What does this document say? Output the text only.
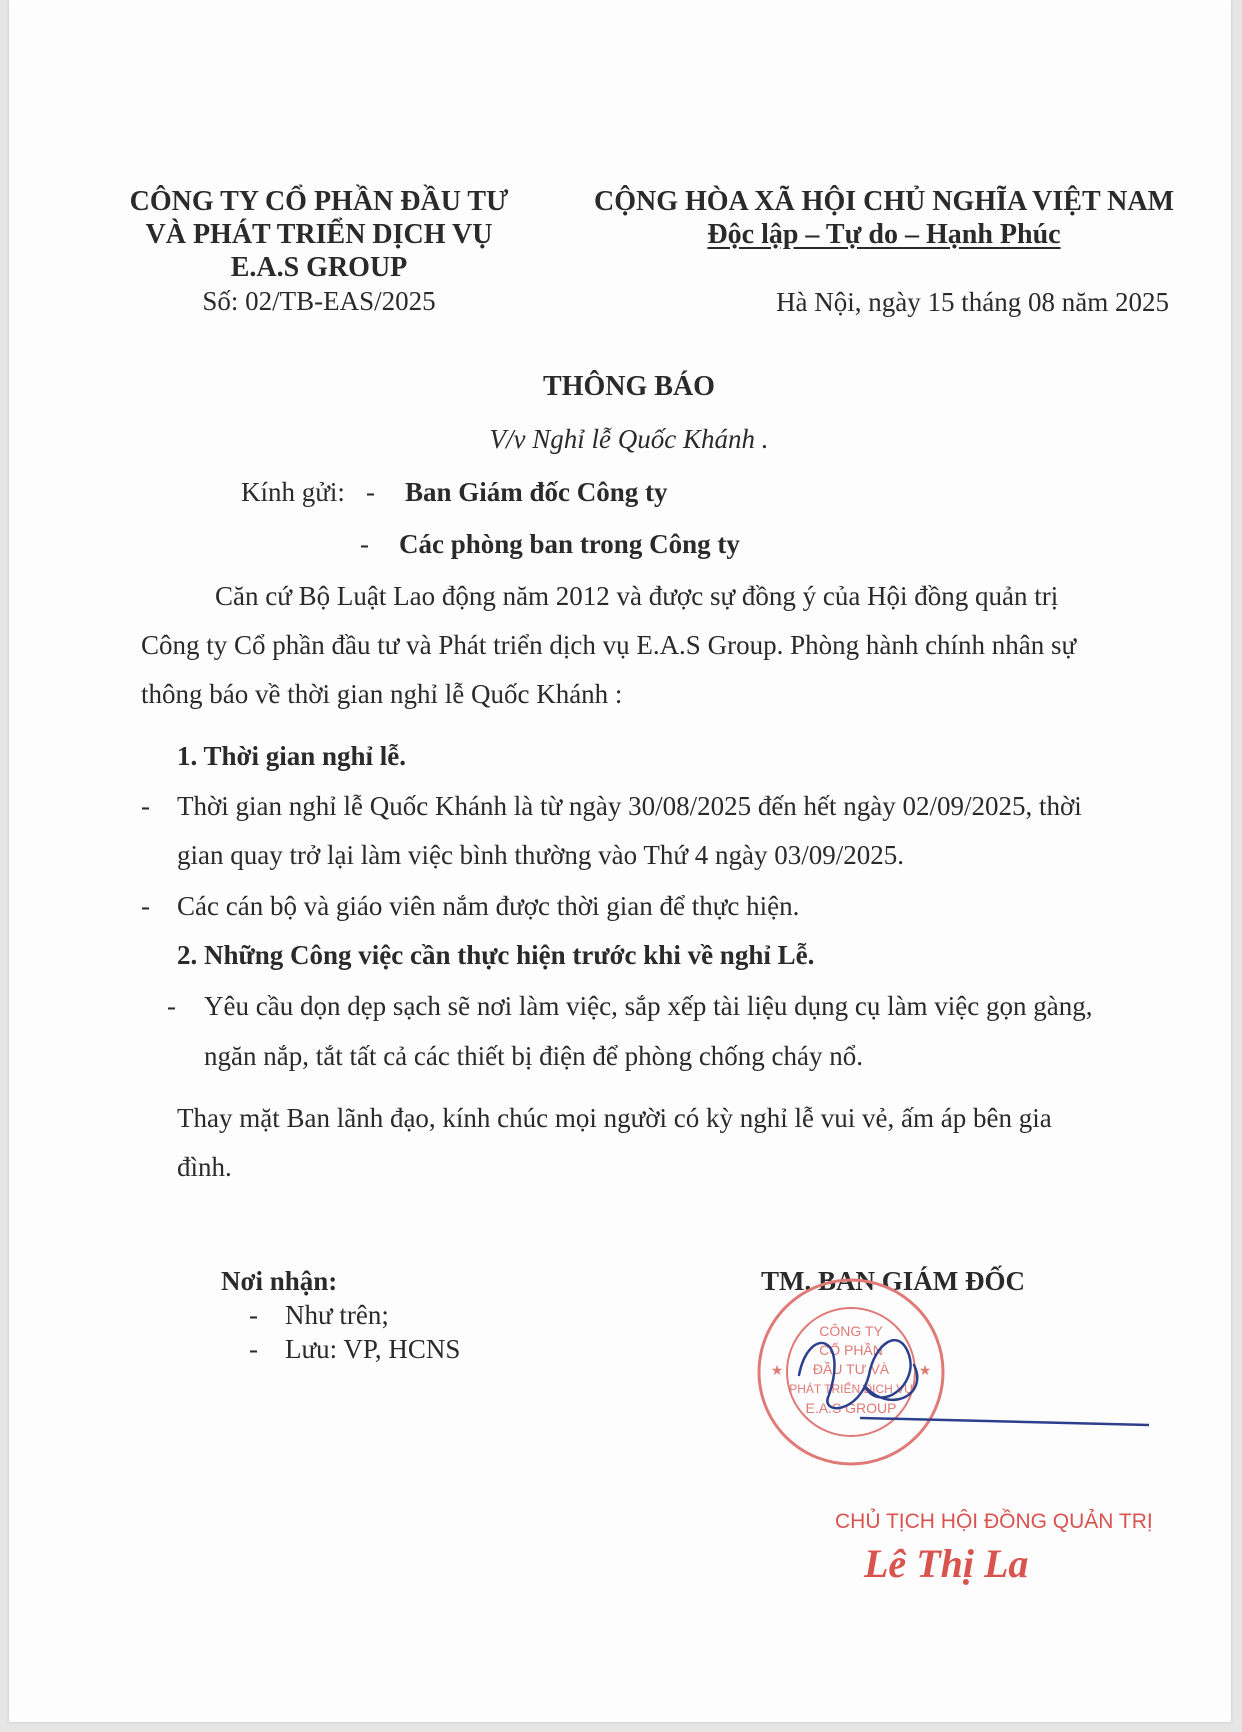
CÔNG TY CỔ PHẦN ĐẦU TƯ
VÀ PHÁT TRIỂN DỊCH VỤ
E.A.S GROUP
Số: 02/TB-EAS/2025
CỘNG HÒA XÃ HỘI CHỦ NGHĨA VIỆT NAM
Độc lập – Tự do – Hạnh Phúc
Hà Nội, ngày 15 tháng 08 năm 2025
THÔNG BÁO
V/v Nghỉ lễ Quốc Khánh .
Kính gửi: - Ban Giám đốc Công ty
- Các phòng ban trong Công ty
Căn cứ Bộ Luật Lao động năm 2012 và được sự đồng ý của Hội đồng quản trị
Công ty Cổ phần đầu tư và Phát triển dịch vụ E.A.S Group. Phòng hành chính nhân sự
thông báo về thời gian nghỉ lễ Quốc Khánh :
1. Thời gian nghỉ lễ.
- Thời gian nghỉ lễ Quốc Khánh là từ ngày 30/08/2025 đến hết ngày 02/09/2025, thời
gian quay trở lại làm việc bình thường vào Thứ 4 ngày 03/09/2025.
- Các cán bộ và giáo viên nắm được thời gian để thực hiện.
2. Những Công việc cần thực hiện trước khi về nghỉ Lễ.
- Yêu cầu dọn dẹp sạch sẽ nơi làm việc, sắp xếp tài liệu dụng cụ làm việc gọn gàng,
ngăn nắp, tắt tất cả các thiết bị điện để phòng chống cháy nổ.
Thay mặt Ban lãnh đạo, kính chúc mọi người có kỳ nghỉ lễ vui vẻ, ấm áp bên gia
đình.
Nơi nhận:
- Như trên;
- Lưu: VP, HCNS
TM. BAN GIÁM ĐỐC
CÔNG TY
CỔ PHẦN
ĐẦU TƯ VÀ
PHÁT TRIỂN DỊCH VỤ
E.A.S GROUP
★	★
CHỦ TỊCH HỘI ĐỒNG QUẢN TRỊ
Lê Thị La
